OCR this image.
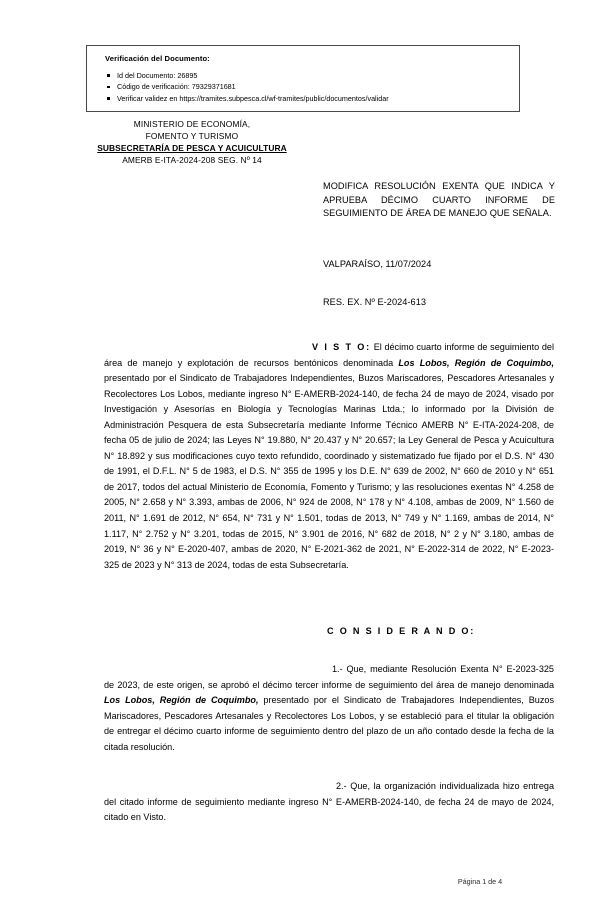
Verificación del Documento:
Id del Documento: 26895
Código de verificación: 79329371681
Verificar validez en https://tramites.subpesca.cl/wf-tramites/public/documentos/validar
MINISTERIO DE ECONOMÍA,
FOMENTO Y TURISMO
SUBSECRETARÍA DE PESCA Y ACUICULTURA
AMERB E-ITA-2024-208 SEG. Nº 14
MODIFICA RESOLUCIÓN EXENTA QUE INDICA Y APRUEBA DÉCIMO CUARTO INFORME DE SEGUIMIENTO DE ÁREA DE MANEJO QUE SEÑALA.
VALPARAÍSO, 11/07/2024
RES. EX. Nº E-2024-613

V I S T O: El décimo cuarto informe de seguimiento del área de manejo y explotación de recursos bentónicos denominada Los Lobos, Región de Coquimbo, presentado por el Sindicato de Trabajadores Independientes, Buzos Mariscadores, Pescadores Artesanales y Recolectores Los Lobos, mediante ingreso N° E-AMERB-2024-140, de fecha 24 de mayo de 2024, visado por Investigación y Asesorías en Biología y Tecnologías Marinas Ltda.; lo informado por la División de Administración Pesquera de esta Subsecretaría mediante Informe Técnico AMERB N° E-ITA-2024-208, de fecha 05 de julio de 2024; las Leyes N° 19.880, N° 20.437 y N° 20.657; la Ley General de Pesca y Acuicultura N° 18.892 y sus modificaciones cuyo texto refundido, coordinado y sistematizado fue fijado por el D.S. N° 430 de 1991, el D.F.L. N° 5 de 1983, el D.S. N° 355 de 1995 y los D.E. N° 639 de 2002, N° 660 de 2010 y N° 651 de 2017, todos del actual Ministerio de Economía, Fomento y Turismo; y las resoluciones exentas N° 4.258 de 2005, N° 2.658 y N° 3.393, ambas de 2006, N° 924 de 2008, N° 178 y N° 4.108, ambas de 2009, N° 1.560 de 2011, N° 1.691 de 2012, N° 654, N° 731 y N° 1.501, todas de 2013, N° 749 y N° 1.169, ambas de 2014, N° 1.117, N° 2.752 y N° 3.201, todas de 2015, N° 3.901 de 2016, N° 682 de 2018, N° 2 y N° 3.180, ambas de 2019, N° 36 y N° E-2020-407, ambas de 2020, N° E-2021-362 de 2021, N° E-2022-314 de 2022, N° E-2023-325 de 2023 y N° 313 de 2024, todas de esta Subsecretaría.

C O N S I D E R A N D O:

1.- Que, mediante Resolución Exenta N° E-2023-325 de 2023, de este origen, se aprobó el décimo tercer informe de seguimiento del área de manejo denominada Los Lobos, Región de Coquimbo, presentado por el Sindicato de Trabajadores Independientes, Buzos Mariscadores, Pescadores Artesanales y Recolectores Los Lobos, y se estableció para el titular la obligación de entregar el décimo cuarto informe de seguimiento dentro del plazo de un año contado desde la fecha de la citada resolución.

2.- Que, la organización individualizada hizo entrega del citado informe de seguimiento mediante ingreso N° E-AMERB-2024-140, de fecha 24 de mayo de 2024, citado en Visto.

Página 1 de 4
